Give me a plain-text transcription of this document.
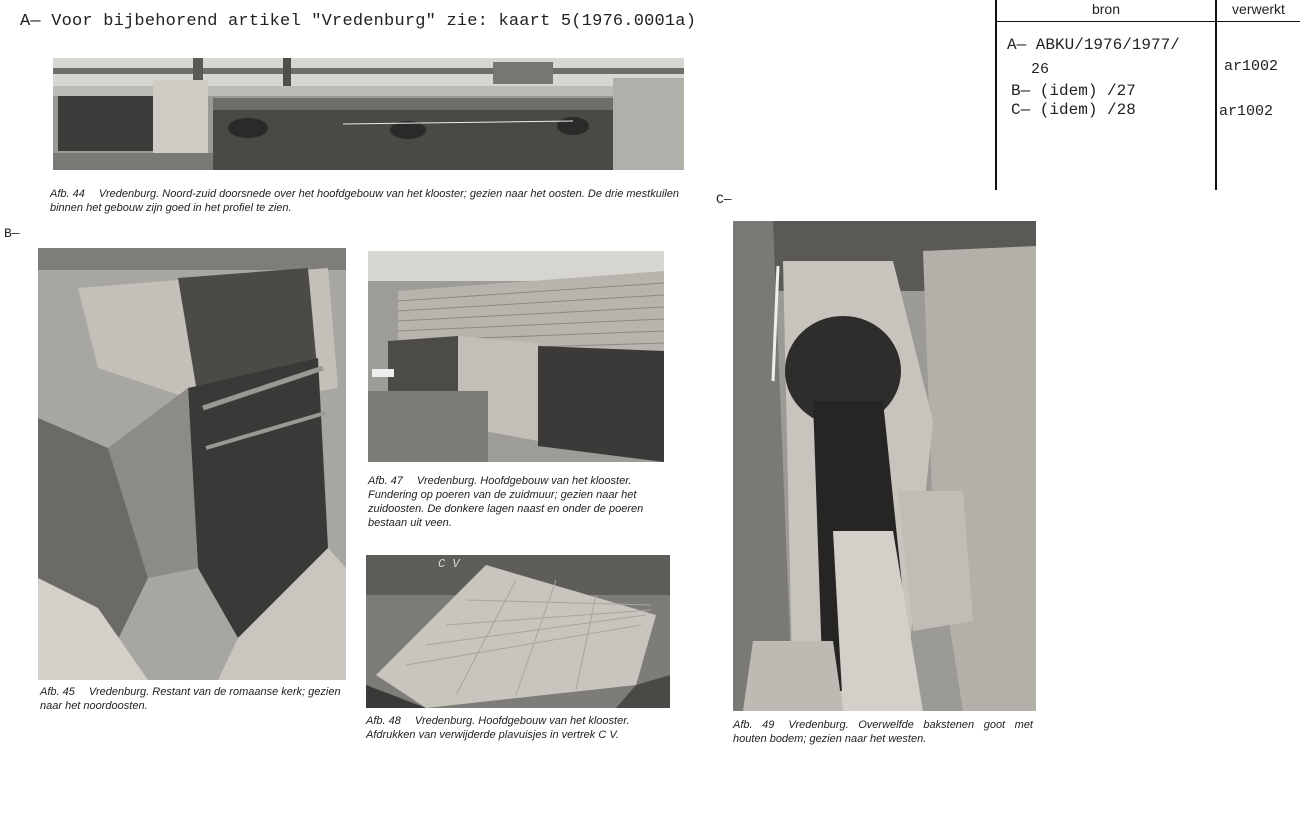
A— Voor bijbehorend artikel "Vredenburg" zie: kaart 5(1976.0001a)
bron	verwerkt
A— ABKU/1976/1977/
26	ar1002
B— (idem) /27
C— (idem) /28	ar1002
B—
C—
Afb. 44 Vredenburg. Noord-zuid doorsnede over het hoofdgebouw van het klooster; gezien naar het oosten. De drie mestkuilen binnen het gebouw zijn goed in het profiel te zien.
Afb. 45 Vredenburg. Restant van de romaanse kerk; gezien naar het noordoosten.
Afb. 47 Vredenburg. Hoofdgebouw van het klooster. Fundering op poeren van de zuidmuur; gezien naar het zuidoosten. De donkere lagen naast en onder de poeren bestaan uit veen.
C V
Afb. 48 Vredenburg. Hoofdgebouw van het klooster. Afdrukken van verwijderde plavuisjes in vertrek C V.
Afb. 49 Vredenburg. Overwelfde bakstenen goot met houten bodem; gezien naar het westen.
